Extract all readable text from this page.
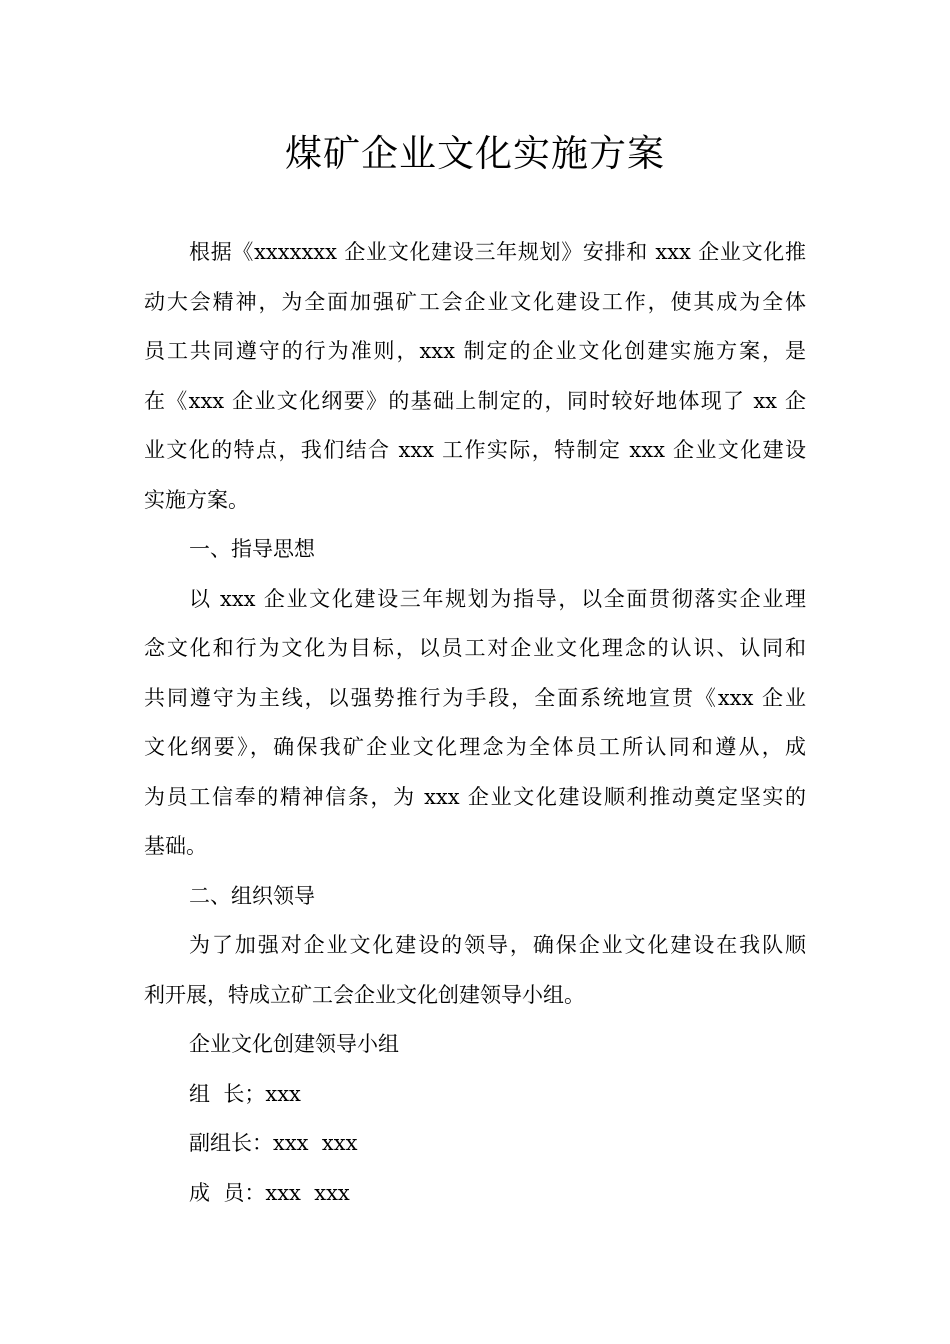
煤矿企业文化实施方案
根据《xxxxxxx 企业文化建设三年规划》安排和 xxx 企业文化推
动大会精神，为全面加强矿工会企业文化建设工作，使其成为全体
员工共同遵守的行为准则，xxx 制定的企业文化创建实施方案，是
在《xxx 企业文化纲要》的基础上制定的，同时较好地体现了 xx 企
业文化的特点，我们结合 xxx 工作实际，特制定 xxx 企业文化建设
实施方案。
一、指导思想
以 xxx 企业文化建设三年规划为指导，以全面贯彻落实企业理
念文化和行为文化为目标，以员工对企业文化理念的认识、认同和
共同遵守为主线，以强势推行为手段，全面系统地宣贯《xxx 企业
文化纲要》，确保我矿企业文化理念为全体员工所认同和遵从，成
为员工信奉的精神信条，为 xxx 企业文化建设顺利推动奠定坚实的
基础。
二、组织领导
为了加强对企业文化建设的领导，确保企业文化建设在我队顺
利开展，特成立矿工会企业文化创建领导小组。
企业文化创建领导小组
组  长；xxx
副组长：xxx  xxx
成  员：xxx  xxx
